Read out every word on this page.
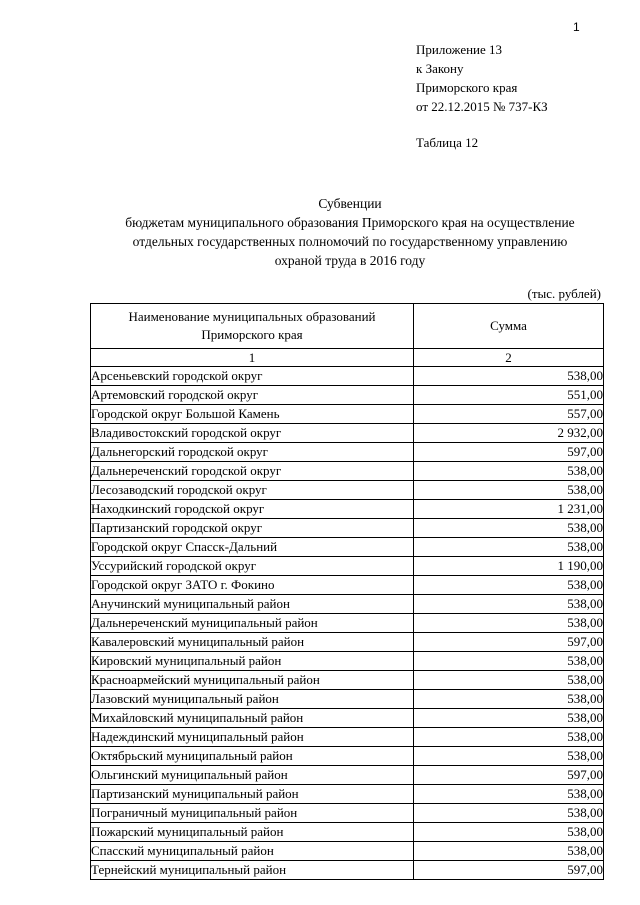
1
Приложение 13
к Закону
Приморского края
от 22.12.2015 № 737-КЗ
Таблица 12
Субвенции
бюджетам муниципального образования Приморского края на осуществление
отдельных государственных полномочий по государственному управлению
охраной труда в 2016 году
(тыс. рублей)
Наименование муниципальных образований Приморского края	Сумма
1	2
Арсеньевский городской округ	538,00
Артемовский городской округ	551,00
Городской округ Большой Камень	557,00
Владивостокский городской округ	2 932,00
Дальнегорский городской округ	597,00
Дальнереченский городской округ	538,00
Лесозаводский городской округ	538,00
Находкинский городской округ	1 231,00
Партизанский городской округ	538,00
Городской округ Спасск-Дальний	538,00
Уссурийский городской округ	1 190,00
Городской округ ЗАТО г. Фокино	538,00
Анучинский муниципальный район	538,00
Дальнереченский муниципальный район	538,00
Кавалеровский муниципальный район	597,00
Кировский муниципальный район	538,00
Красноармейский муниципальный район	538,00
Лазовский муниципальный район	538,00
Михайловский муниципальный район	538,00
Надеждинский муниципальный район	538,00
Октябрьский муниципальный район	538,00
Ольгинский муниципальный район	597,00
Партизанский муниципальный район	538,00
Пограничный муниципальный район	538,00
Пожарский муниципальный район	538,00
Спасский муниципальный район	538,00
Тернейский муниципальный район	597,00
